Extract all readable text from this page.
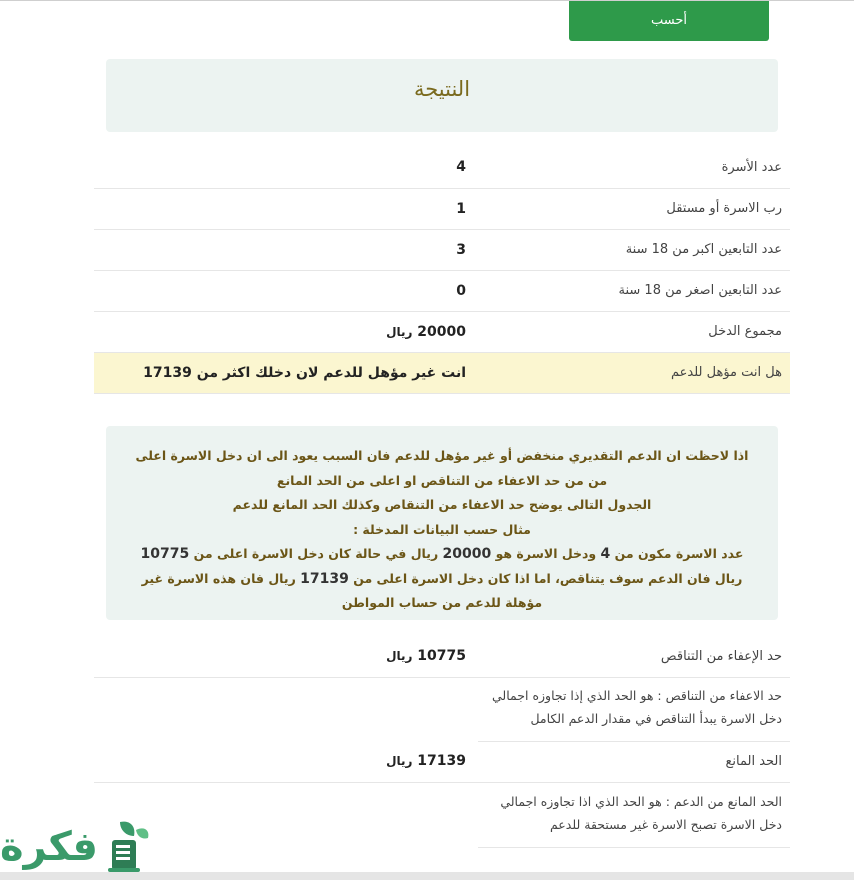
أحسب
النتيجة
عدد الأسرة	4
رب الاسرة أو مستقل	1
عدد التابعين اكبر من 18 سنة	3
عدد التابعين اصغر من 18 سنة	0
مجموع الدخل	20000 ريال
هل انت مؤهل للدعم	انت غير مؤهل للدعم لان دخلك اكثر من 17139

اذا لاحظت ان الدعم التقديري منخفض أو غير مؤهل للدعم فان السبب يعود الى ان دخل الاسرة اعلى من من حد الاعفاء من التناقص او اعلى من الحد المانع

الجدول التالى يوضح حد الاعفاء من التنقاص وكذلك الحد المانع للدعم

مثال حسب البيانات المدخلة :

عدد الاسرة مكون من 4 ودخل الاسرة هو 20000 ريال في حالة كان دخل الاسرة اعلى من 10775 ريال فان الدعم سوف يتناقص، اما اذا كان دخل الاسرة اعلى من 17139 ريال فان هذه الاسرة غير مؤهلة للدعم من حساب المواطن

حد الإعفاء من التناقص	10775 ريال
حد الاعفاء من التناقص : هو الحد الذي إذا تجاوزه اجمالي
دخل الاسرة يبدأ التناقص في مقدار الدعم الكامل
الحد المانع	17139 ريال
الحد المانع من الدعم : هو الحد الذي اذا تجاوزه اجمالي
دخل الاسرة تصبح الاسرة غير مستحقة للدعم
فكرة
